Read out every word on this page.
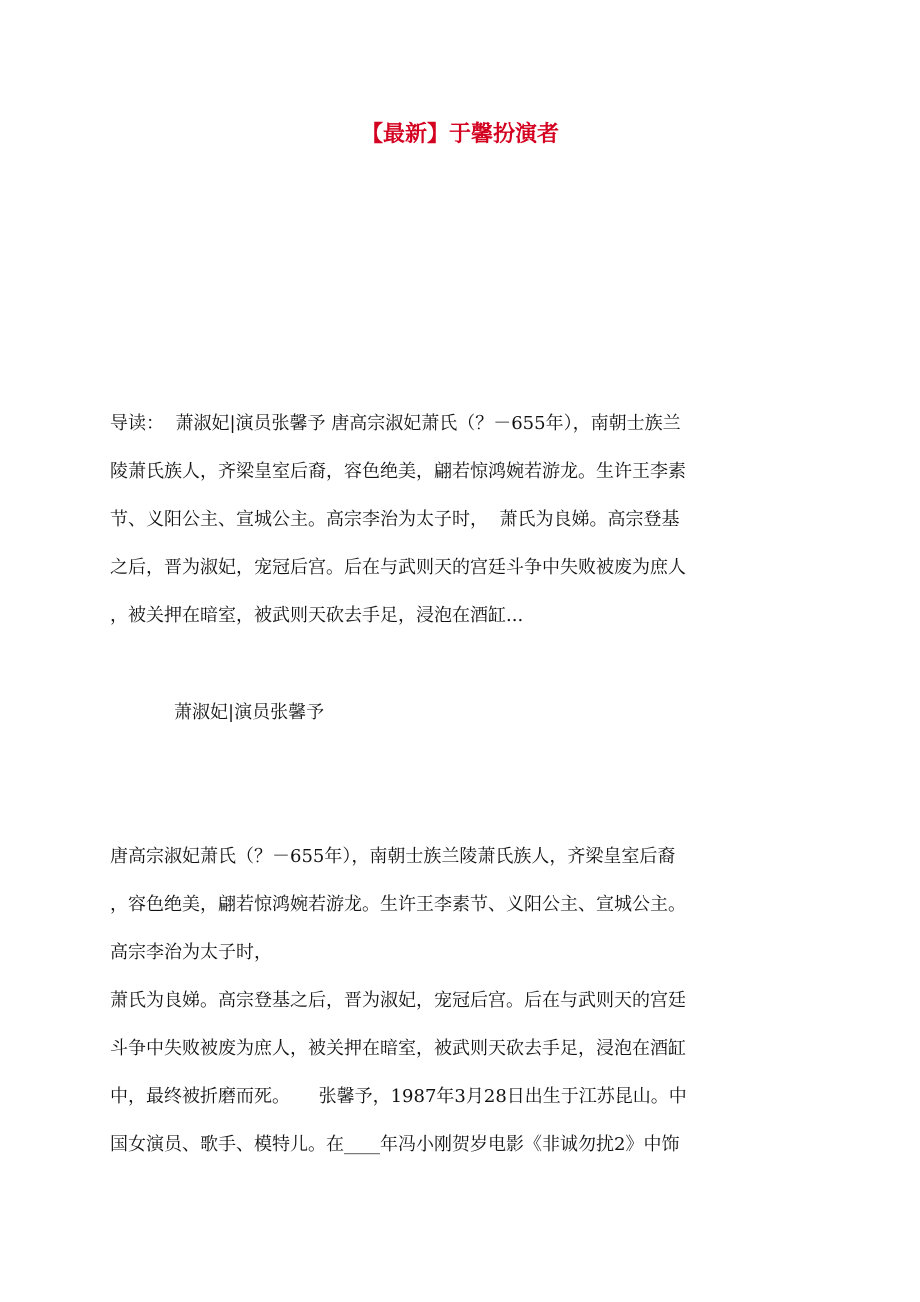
【最新】于馨扮演者
导读：  萧淑妃|演员张馨予 唐高宗淑妃萧氏（？－655年），南朝士族兰
陵萧氏族人，齐梁皇室后裔，容色绝美，翩若惊鸿婉若游龙。生许王李素
节、义阳公主、宣城公主。高宗李治为太子时，  萧氏为良娣。高宗登基
之后，晋为淑妃，宠冠后宫。后在与武则天的宫廷斗争中失败被废为庶人
，被关押在暗室，被武则天砍去手足，浸泡在酒缸...
萧淑妃|演员张馨予
唐高宗淑妃萧氏（？－655年），南朝士族兰陵萧氏族人，齐梁皇室后裔
，容色绝美，翩若惊鸿婉若游龙。生许王李素节、义阳公主、宣城公主。
高宗李治为太子时，
萧氏为良娣。高宗登基之后，晋为淑妃，宠冠后宫。后在与武则天的宫廷
斗争中失败被废为庶人，被关押在暗室，被武则天砍去手足，浸泡在酒缸
中，最终被折磨而死。     张馨予，1987年3月28日出生于江苏昆山。中
国女演员、歌手、模特儿。在____年冯小刚贺岁电影《非诚勿扰2》中饰
